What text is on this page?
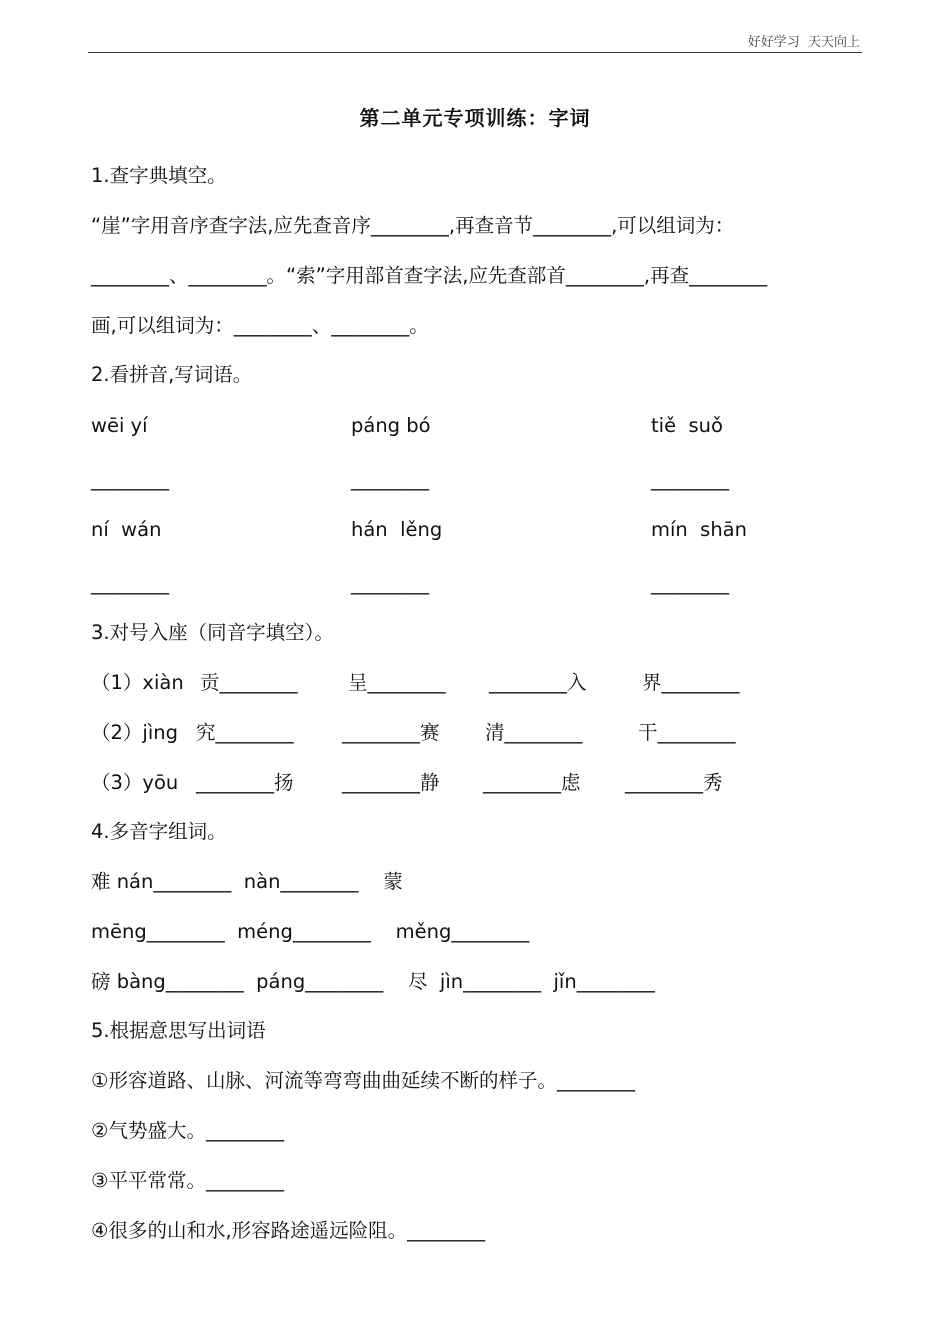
好好学习  天天向上
第二单元专项训练：字词
1.查字典填空。
“崖”字用音序查字法,应先查音序________,再查音节________,可以组词为：
________、________。“索”字用部首查字法,应先查部首________,再查________
画,可以组词为：________、________。
2.看拼音,写词语。
wēi yí	páng bó	tiě  suǒ
________	________	________
ní  wán	hán  lěng	mín  shān
________	________	________
3.对号入座（同音字填空）。
（1）xiàn 贡________	呈________ ________入	界________
（2）jìng 究________ ________赛 清________	干________
（3）yōu ________扬 ________静 ________虑 ________秀
4.多音字组词。
难 nán________  nàn________    蒙
mēng________  méng________    měng________
磅 bàng________  páng________    尽  jìn________  jǐn________
5.根据意思写出词语
①形容道路、山脉、河流等弯弯曲曲延续不断的样子。________
②气势盛大。________
③平平常常。________
④很多的山和水,形容路途遥远险阻。________
